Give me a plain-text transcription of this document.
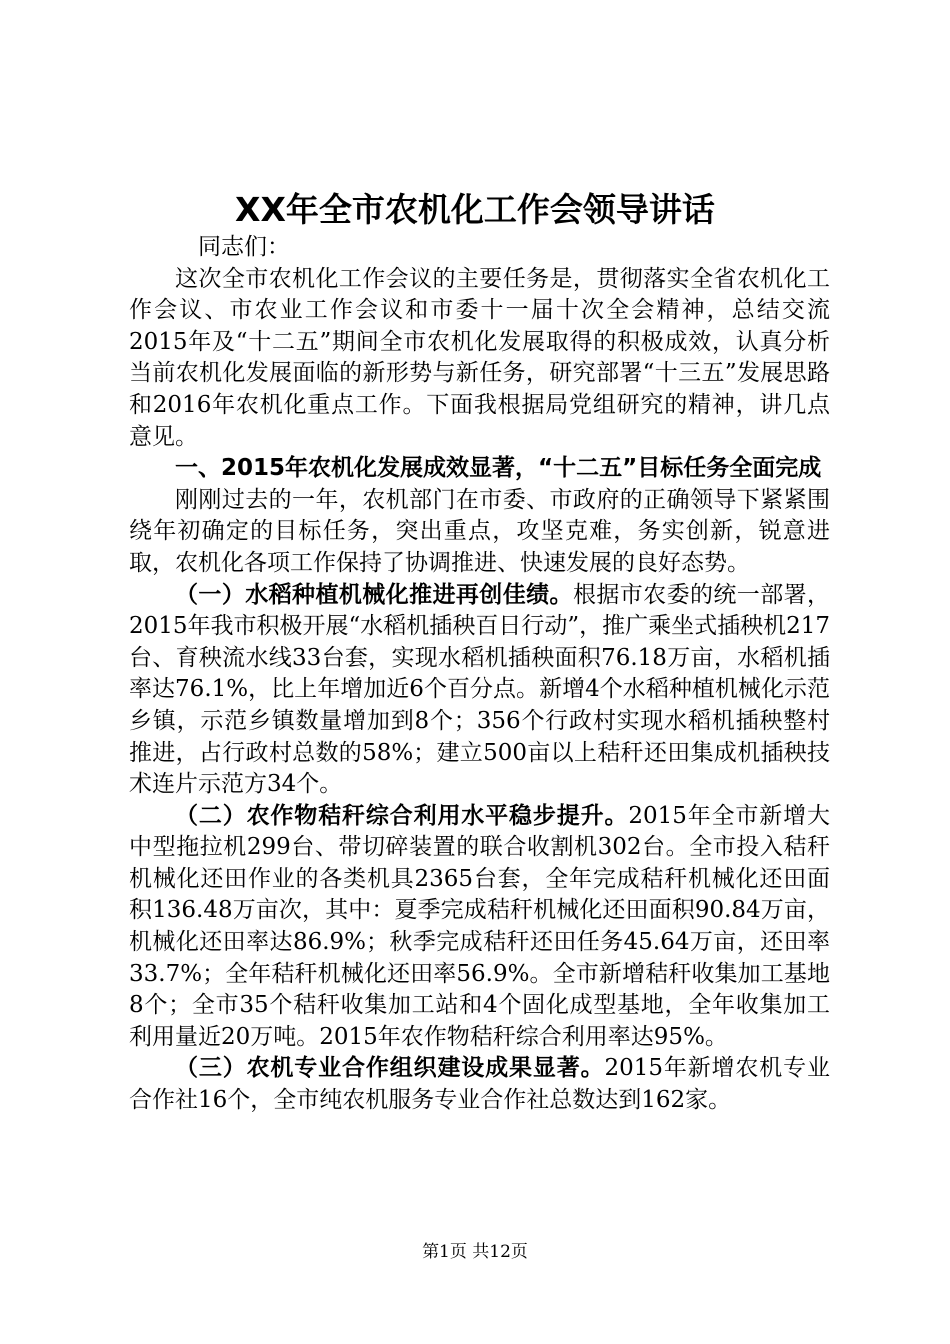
XX年全市农机化工作会领导讲话

同志们：

这次全市农机化工作会议的主要任务是，贯彻落实全省农机化工作会议、市农业工作会议和市委十一届十次全会精神，总结交流2015年及“十二五”期间全市农机化发展取得的积极成效，认真分析当前农机化发展面临的新形势与新任务，研究部署“十三五”发展思路和2016年农机化重点工作。下面我根据局党组研究的精神，讲几点意见。

一、2015年农机化发展成效显著，“十二五”目标任务全面完成

刚刚过去的一年，农机部门在市委、市政府的正确领导下紧紧围绕年初确定的目标任务，突出重点，攻坚克难，务实创新，锐意进取，农机化各项工作保持了协调推进、快速发展的良好态势。

（一）水稻种植机械化推进再创佳绩。根据市农委的统一部署，2015年我市积极开展“水稻机插秧百日行动”，推广乘坐式插秧机217台、育秧流水线33台套，实现水稻机插秧面积76.18万亩，水稻机插率达76.1%，比上年增加近6个百分点。新增4个水稻种植机械化示范乡镇，示范乡镇数量增加到8个；356个行政村实现水稻机插秧整村推进，占行政村总数的58%；建立500亩以上秸秆还田集成机插秧技术连片示范方34个。

（二）农作物秸秆综合利用水平稳步提升。2015年全市新增大中型拖拉机299台、带切碎装置的联合收割机302台。全市投入秸秆机械化还田作业的各类机具2365台套，全年完成秸秆机械化还田面积136.48万亩次，其中：夏季完成秸秆机械化还田面积90.84万亩，机械化还田率达86.9%；秋季完成秸秆还田任务45.64万亩，还田率33.7%；全年秸秆机械化还田率56.9%。全市新增秸秆收集加工基地8个；全市35个秸秆收集加工站和4个固化成型基地，全年收集加工利用量近20万吨。2015年农作物秸秆综合利用率达95%。

（三）农机专业合作组织建设成果显著。2015年新增农机专业合作社16个，全市纯农机服务专业合作社总数达到162家。

第1页 共12页
